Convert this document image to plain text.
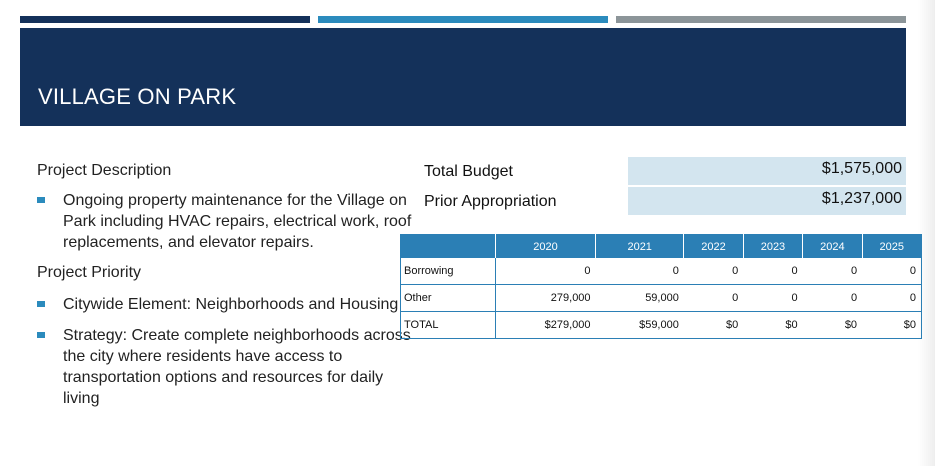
VILLAGE ON PARK

Project Description

Ongoing property maintenance for the Village on Park including HVAC repairs, electrical work, roof replacements, and elevator repairs.

Project Priority

Citywide Element: Neighborhoods and Housing
Strategy: Create complete neighborhoods across the city where residents have access to transportation options and resources for daily living
Total Budget	$1,575,000
Prior Appropriation	$1,237,000
	2020	2021	2022	2023	2024	2025
Borrowing	0	0	0	0	0	0
Other	279,000	59,000	0	0	0	0
TOTAL	$279,000	$59,000	$0	$0	$0	$0
